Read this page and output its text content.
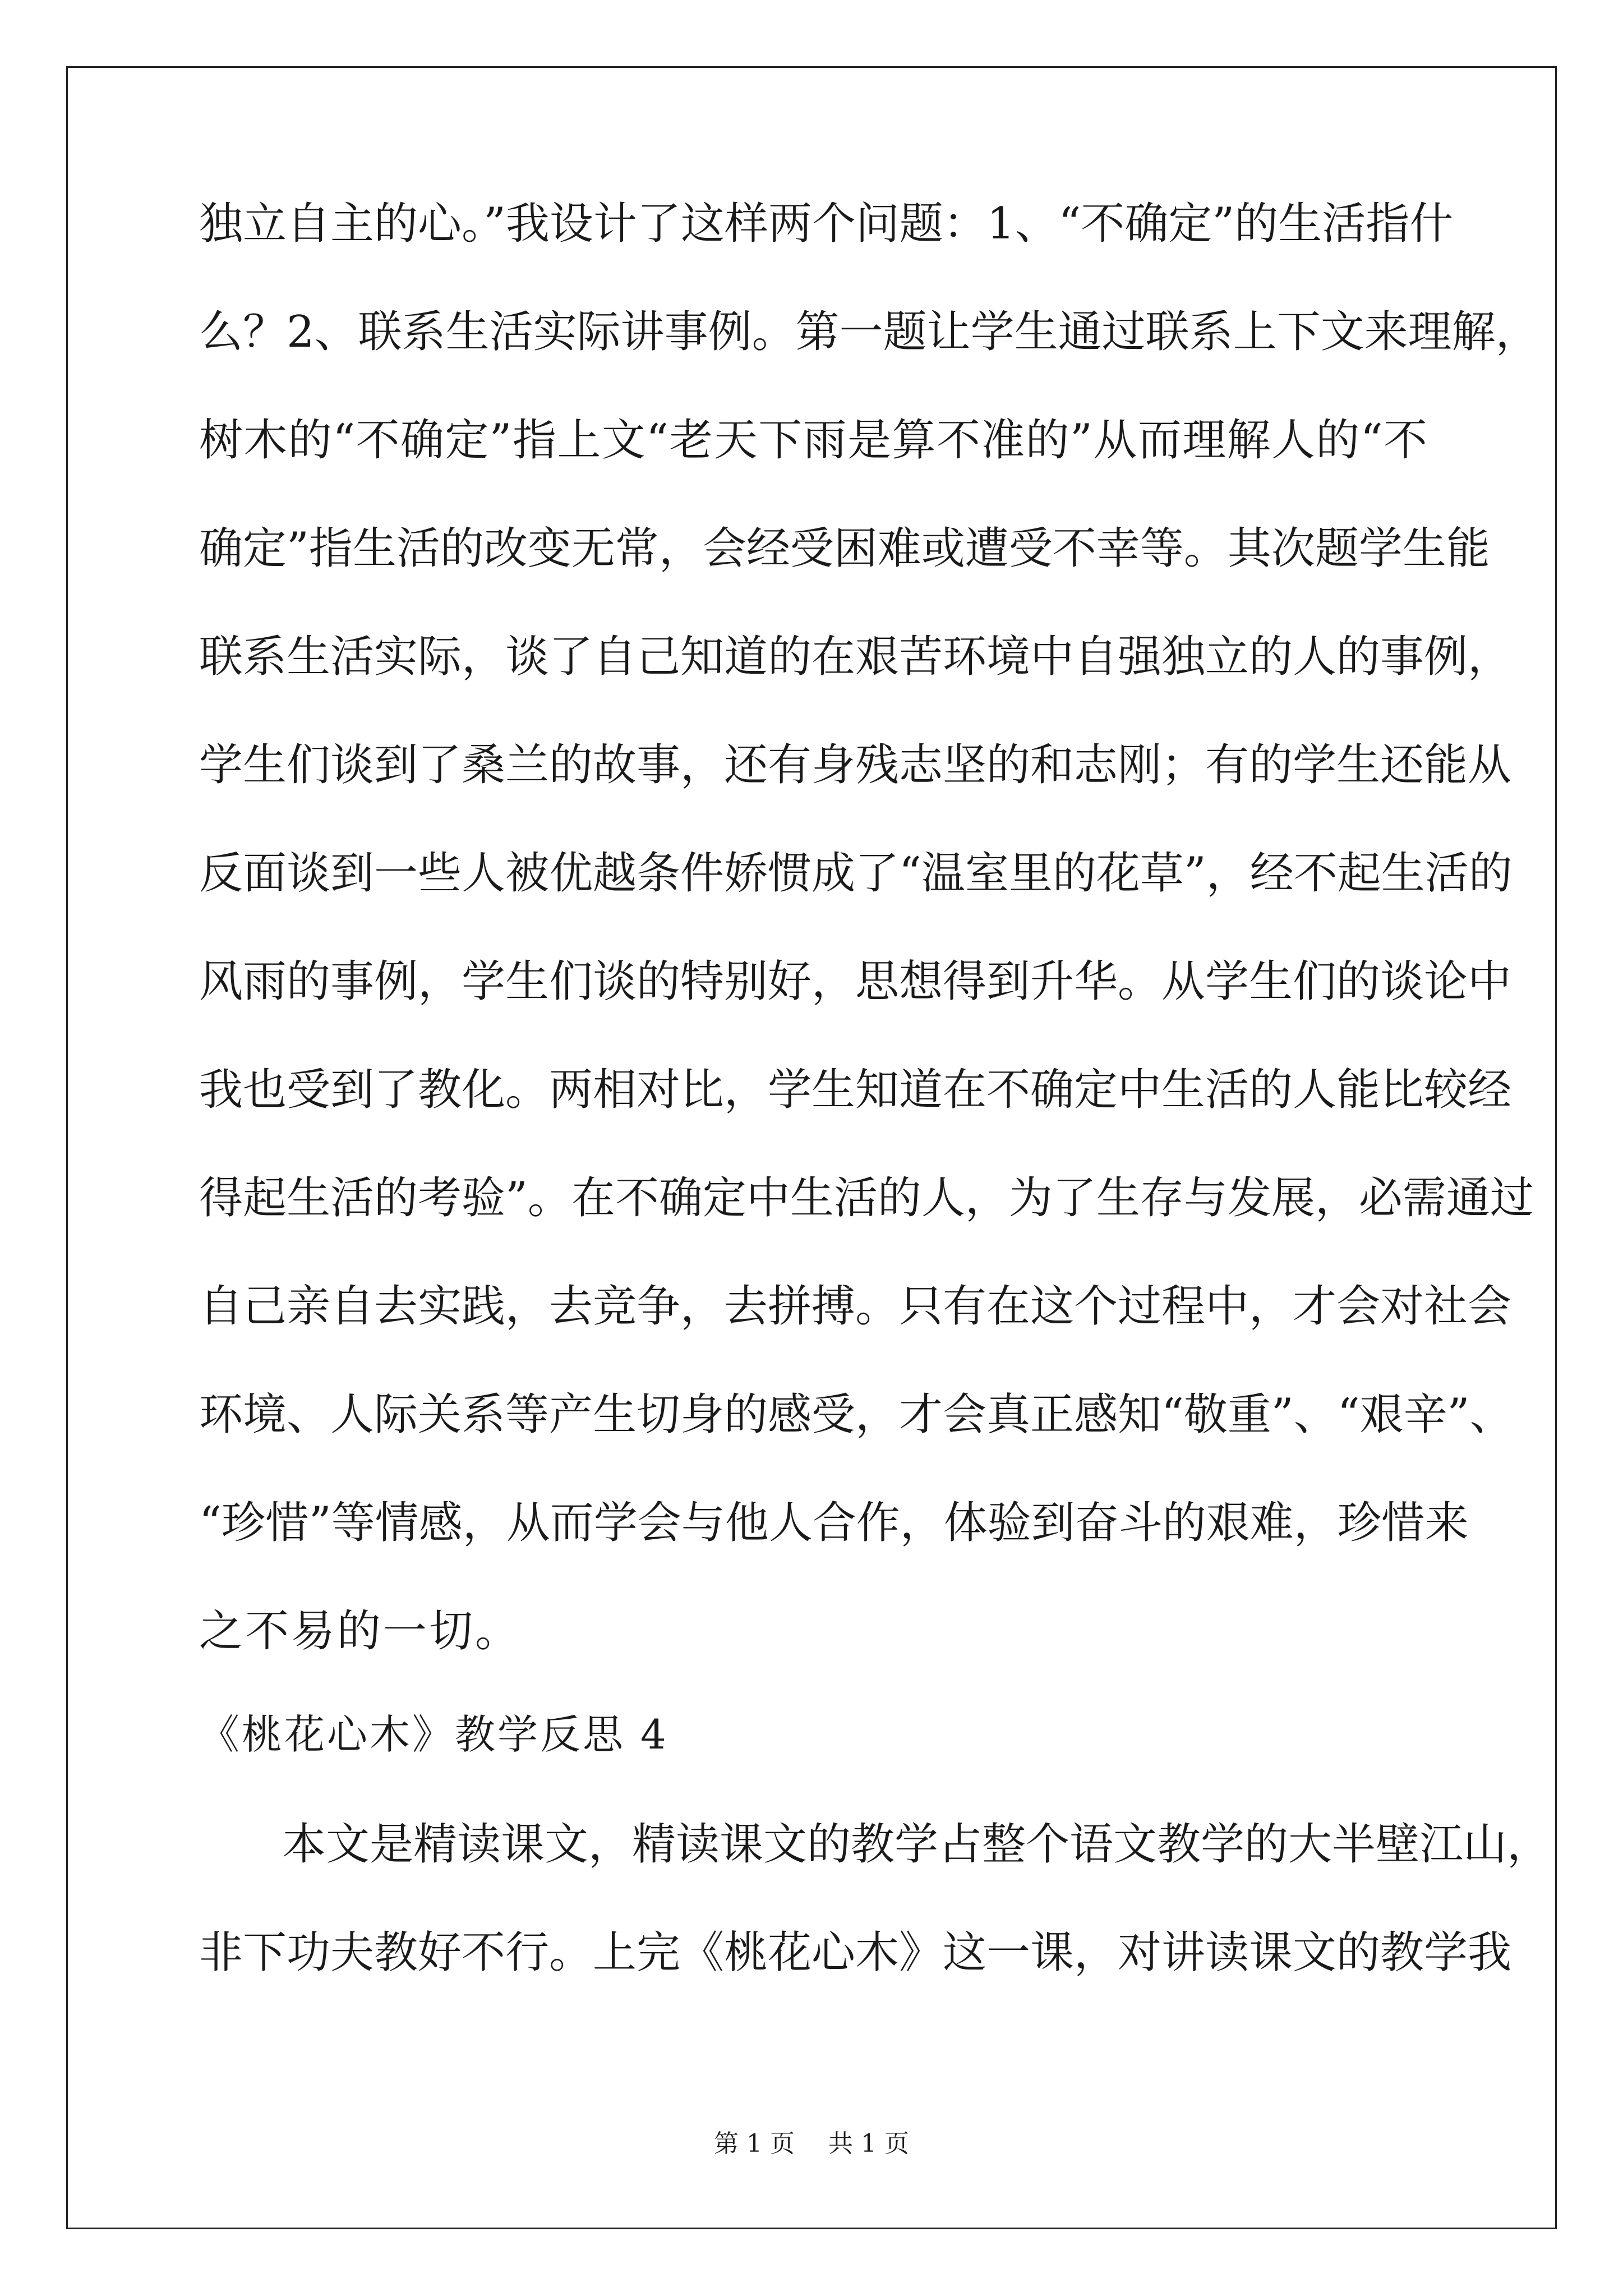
独立自主的心。”我设计了这样两个问题：1、“不确定”的生活指什
么？2、联系生活实际讲事例。第一题让学生通过联系上下文来理解，
树木的“不确定”指上文“老天下雨是算不准的”从而理解人的“不
确定”指生活的改变无常，会经受困难或遭受不幸等。其次题学生能
联系生活实际，谈了自己知道的在艰苦环境中自强独立的人的事例，
学生们谈到了桑兰的故事，还有身残志坚的和志刚；有的学生还能从
反面谈到一些人被优越条件娇惯成了“温室里的花草”，经不起生活的
风雨的事例，学生们谈的特别好，思想得到升华。从学生们的谈论中
我也受到了教化。两相对比，学生知道在不确定中生活的人能比较经
得起生活的考验”。在不确定中生活的人，为了生存与发展，必需通过
自己亲自去实践，去竞争，去拼搏。只有在这个过程中，才会对社会
环境、人际关系等产生切身的感受，才会真正感知“敬重”、“艰辛”、
“珍惜”等情感，从而学会与他人合作，体验到奋斗的艰难，珍惜来
之不易的一切。
《桃花心木》教学反思 4
本文是精读课文，精读课文的教学占整个语文教学的大半壁江山，
非下功夫教好不行。上完《桃花心木》这一课，对讲读课文的教学我
第 1 页 共 1 页
